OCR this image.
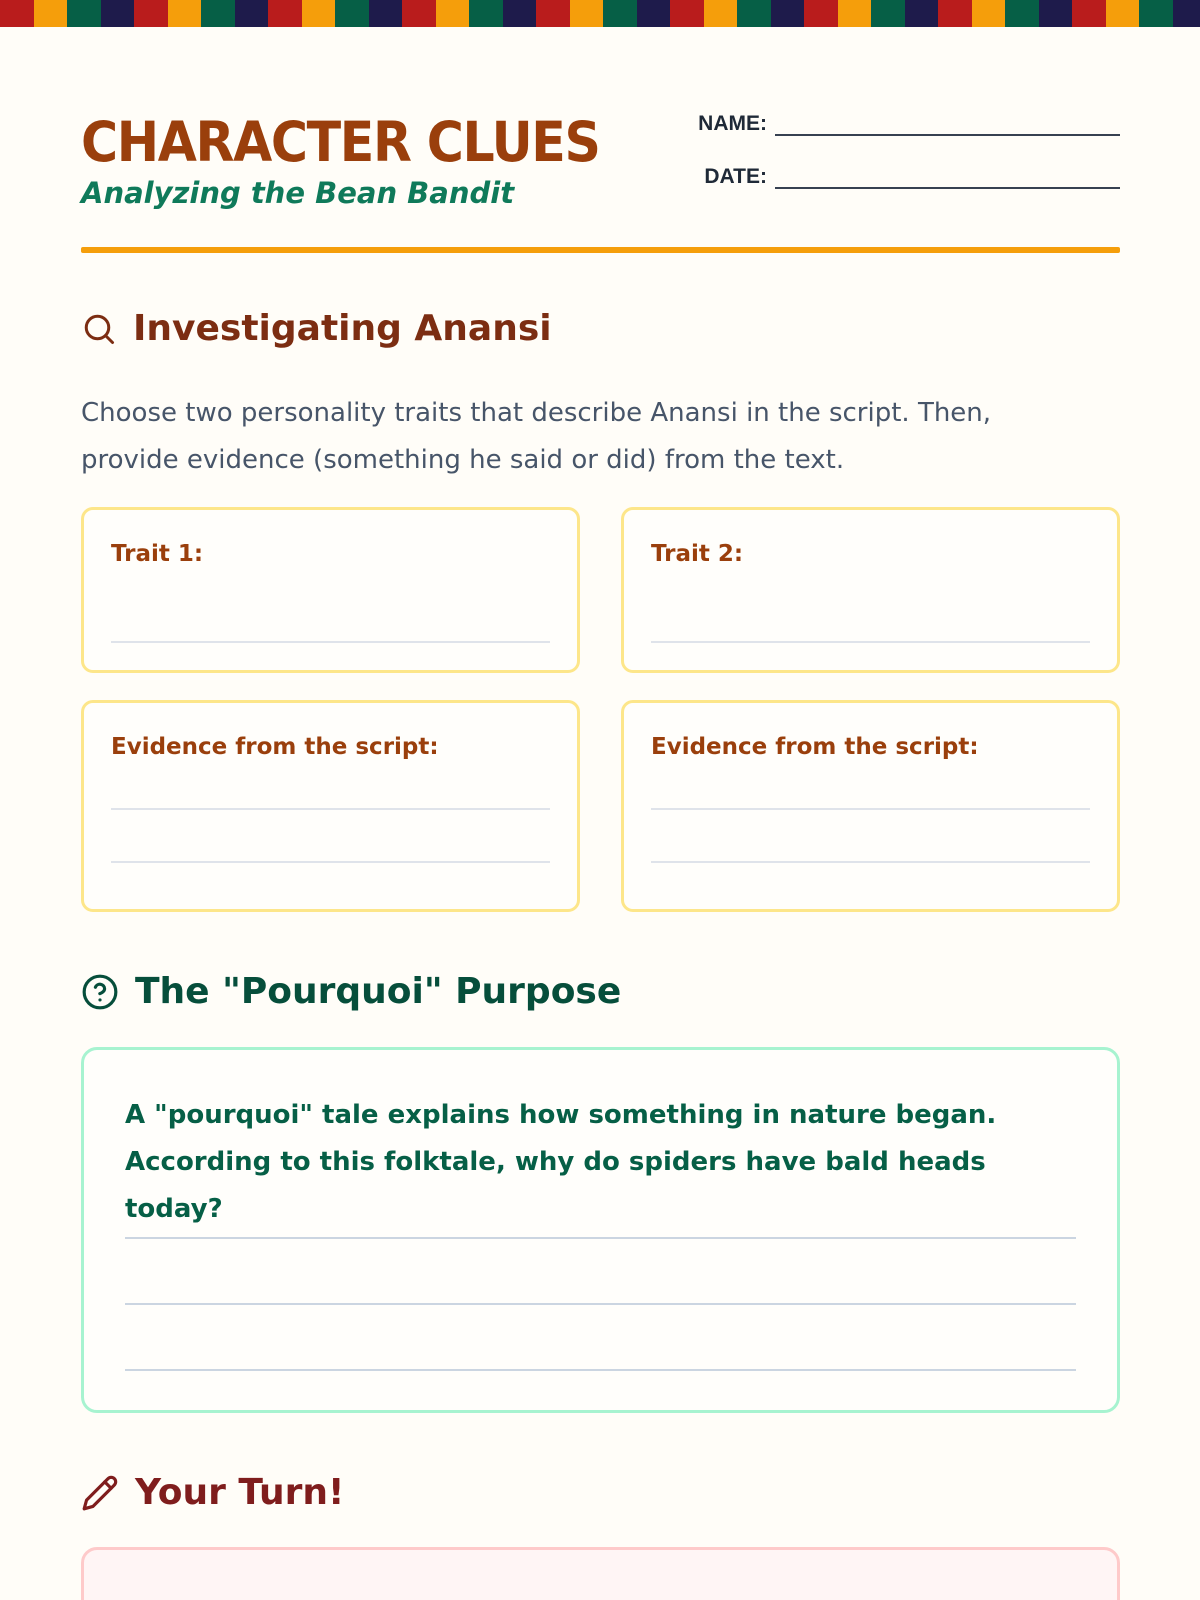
CHARACTER CLUES
Analyzing the Bean Bandit
NAME:
DATE:
Investigating Anansi

Choose two personality traits that describe Anansi in the script. Then, provide evidence (something he said or did) from the text.

Trait 1:	Trait 2:
Evidence from the script:	Evidence from the script:
The "Pourquoi" Purpose

A "pourquoi" tale explains how something in nature began. According to this folktale, why do spiders have bald heads today?

Your Turn!
